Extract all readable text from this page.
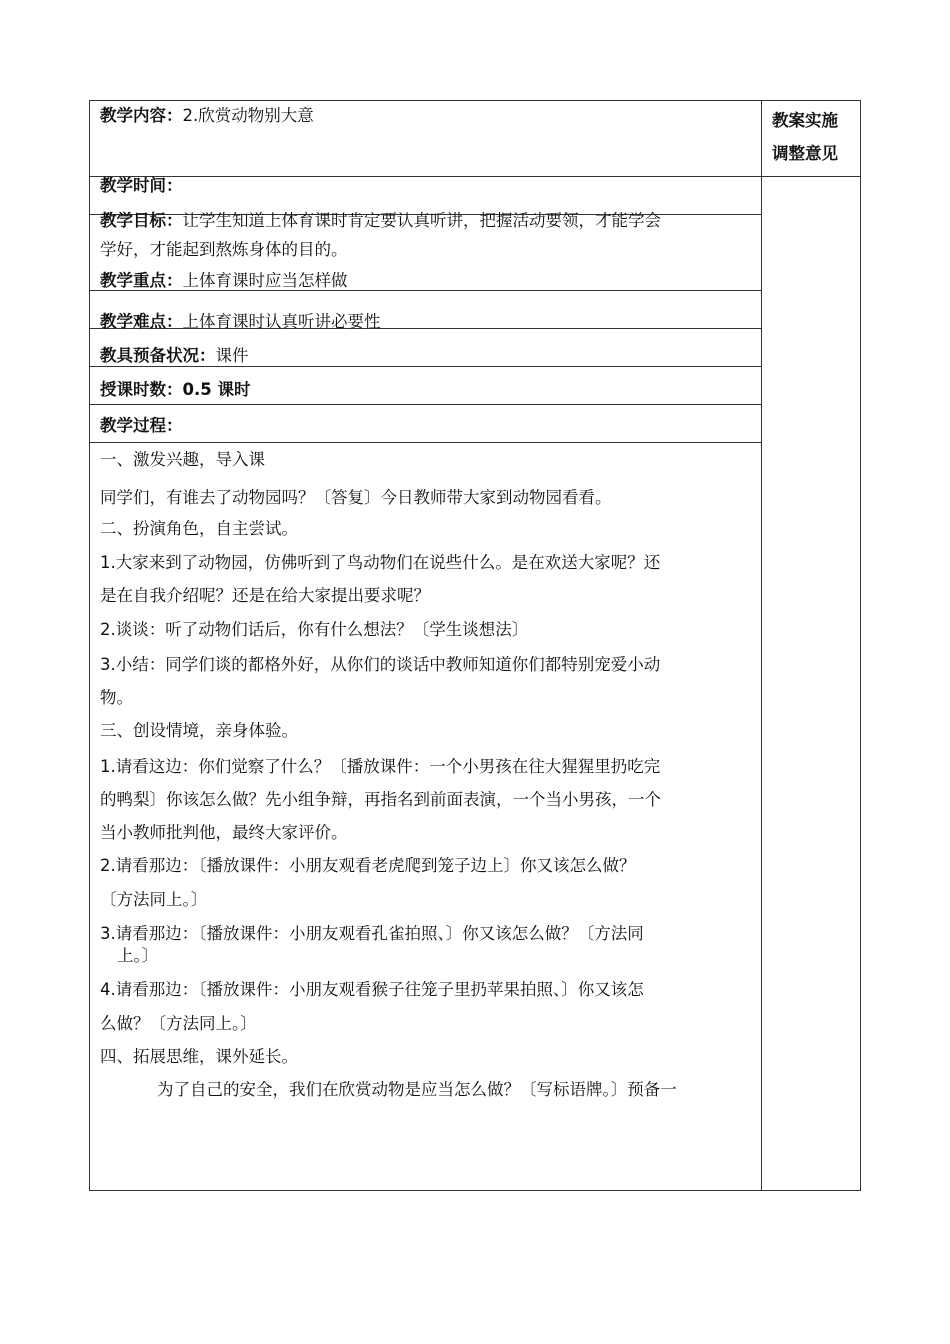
教学内容：2.欣赏动物别大意	教案实施
调整意见
教学时间：
教学目标：让学生知道上体育课时肯定要认真听讲，把握活动要领，才能学会
学好，才能起到熬炼身体的目的。
教学重点：上体育课时应当怎样做
教学难点：上体育课时认真听讲必要性
教具预备状况：课件
授课时数：0.5 课时
教学过程：
一、激发兴趣，导入课
同学们，有谁去了动物园吗？〔答复〕今日教师带大家到动物园看看。
二、扮演角色，自主尝试。
1.大家来到了动物园，仿佛听到了鸟动物们在说些什么。是在欢送大家呢？还
是在自我介绍呢？还是在给大家提出要求呢？
2.谈谈：听了动物们话后，你有什么想法？〔学生谈想法〕
3.小结：同学们谈的都格外好，从你们的谈话中教师知道你们都特别宠爱小动
物。
三、创设情境，亲身体验。
1.请看这边：你们觉察了什么？〔播放课件：一个小男孩在往大猩猩里扔吃完
的鸭梨〕你该怎么做？先小组争辩，再指名到前面表演，一个当小男孩，一个
当小教师批判他，最终大家评价。
2.请看那边：〔播放课件：小朋友观看老虎爬到笼子边上〕你又该怎么做？
〔方法同上。〕
3.请看那边：〔播放课件：小朋友观看孔雀拍照、〕你又该怎么做？〔方法同
上。〕
4.请看那边：〔播放课件：小朋友观看猴子往笼子里扔苹果拍照、〕你又该怎
么做？〔方法同上。〕
四、拓展思维，课外延长。
为了自己的安全，我们在欣赏动物是应当怎么做？〔写标语牌。〕预备一
